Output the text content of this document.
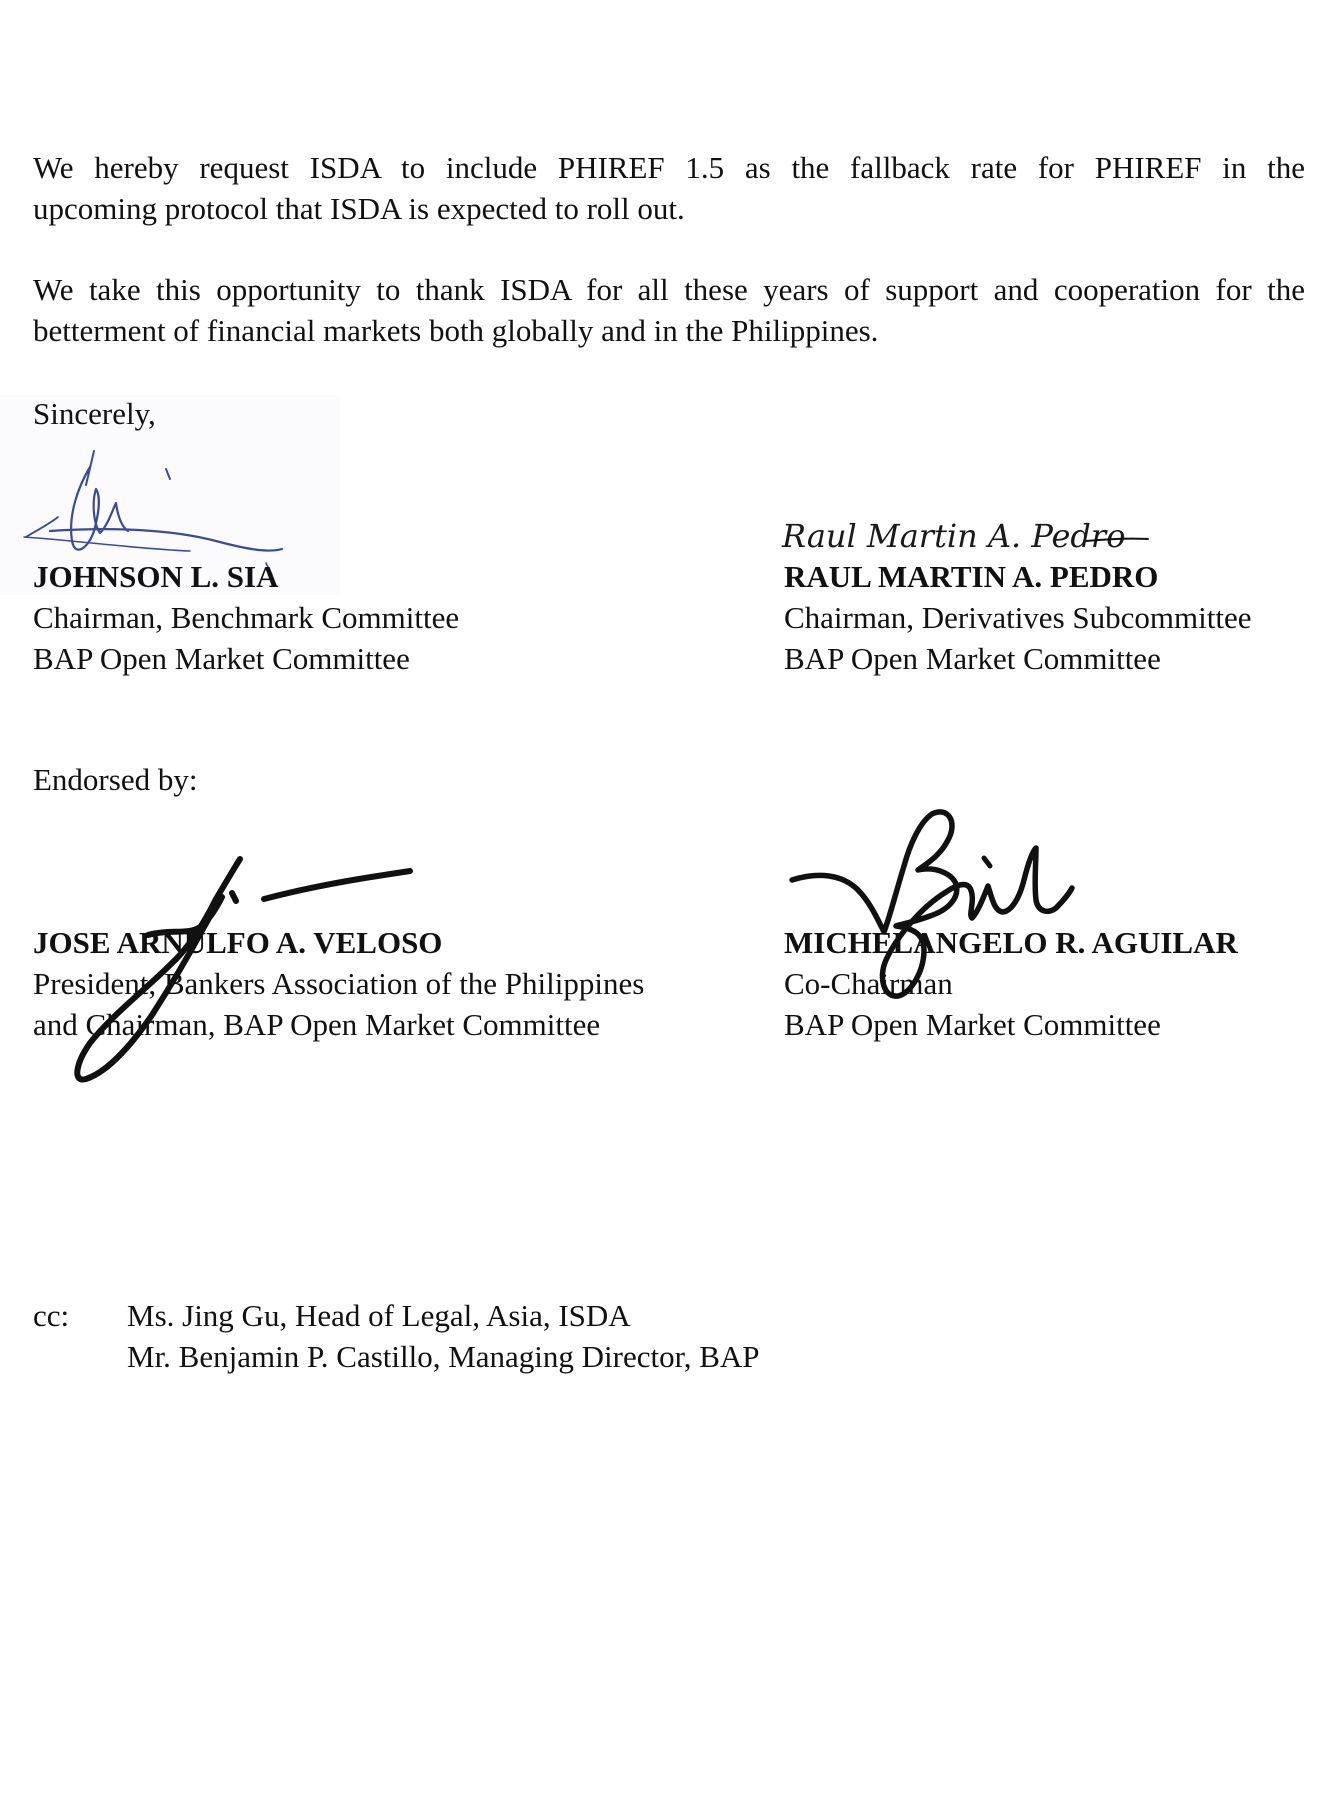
We hereby request ISDA to include PHIREF 1.5 as the fallback rate for PHIREF in the
upcoming protocol that ISDA is expected to roll out.

We take this opportunity to thank ISDA for all these years of support and cooperation for the
betterment of financial markets both globally and in the Philippines.

Sincerely,
Raul Martin A. Pedro
JOHNSON L. SIA
Chairman, Benchmark Committee
BAP Open Market Committee
RAUL MARTIN A. PEDRO
Chairman, Derivatives Subcommittee
BAP Open Market Committee
Endorsed by:
JOSE ARNULFO A. VELOSO
President, Bankers Association of the Philippines
and Chairman, BAP Open Market Committee
MICHELANGELO R. AGUILAR
Co-Chairman
BAP Open Market Committee
cc: Ms. Jing Gu, Head of Legal, Asia, ISDA
Mr. Benjamin P. Castillo, Managing Director, BAP
